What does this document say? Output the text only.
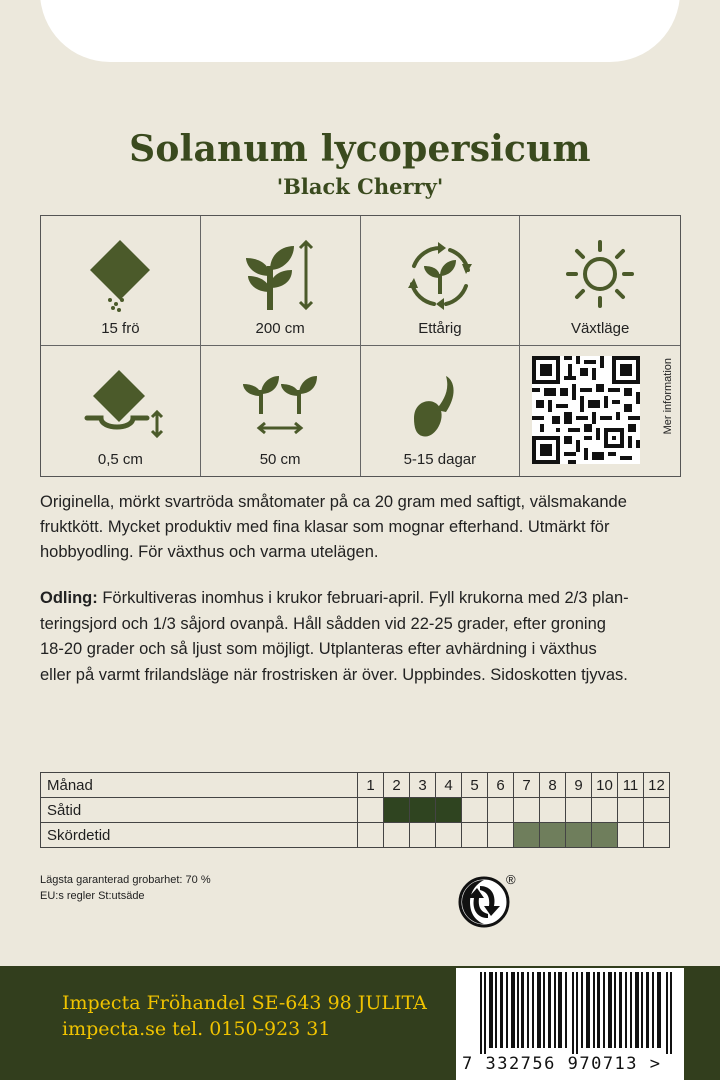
Solanum lycopersicum
'Black Cherry'
15 frö	200 cm	Ettårig	Växtläge
0,5 cm	50 cm	5-15 dagar
Mer information

Originella, mörkt svartröda småtomater på ca 20 gram med saftigt, välsmakande

fruktkött. Mycket produktiv med fina klasar som mognar efterhand. Utmärkt för

hobbyodling. För växthus och varma utelägen.

Odling: Förkultiveras inomhus i krukor februari-april. Fyll krukorna med 2/3 plan-
teringsjord och 1/3 såjord ovanpå. Håll sådden vid 22-25 grader, efter groning
18-20 grader och så ljust som möjligt. Utplanteras efter avhärdning i växthus
eller på varmt frilandsläge när frostrisken är över. Uppbindes. Sidoskotten tjyvas.
Månad	1	2	3	4	5	6	7	8	9	10	11	12
Såtid												
Skördetid												
Lägsta garanterad grobarhet: 70 %
EU:s regler St:utsäde
®
Impecta Fröhandel SE-643 98 JULITA
impecta.se tel. 0150-923 31
7 332756 970713 >
